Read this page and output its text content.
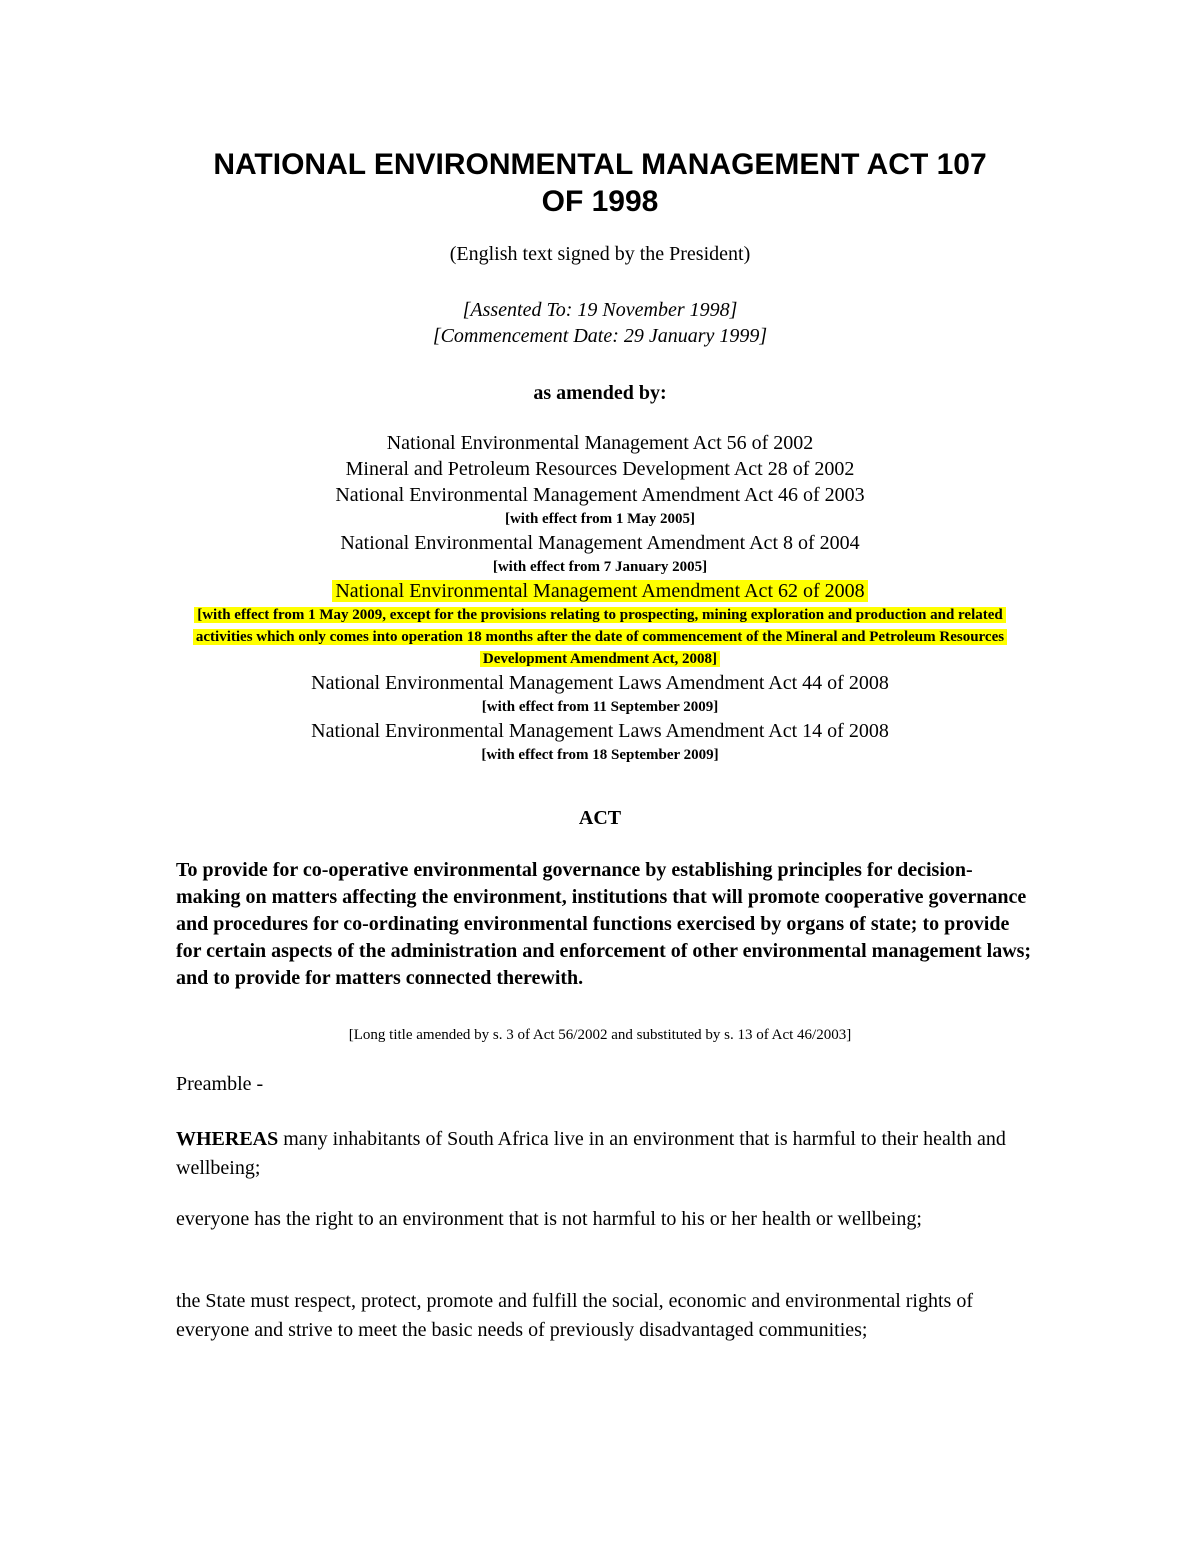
NATIONAL ENVIRONMENTAL MANAGEMENT ACT 107
OF 1998
(English text signed by the President)
[Assented To: 19 November 1998]
[Commencement Date: 29 January 1999]
as amended by:
National Environmental Management Act 56 of 2002
Mineral and Petroleum Resources Development Act 28 of 2002
National Environmental Management Amendment Act 46 of 2003
[with effect from 1 May 2005]
National Environmental Management Amendment Act 8 of 2004
[with effect from 7 January 2005]
National Environmental Management Amendment Act 62 of 2008
[with effect from 1 May 2009, except for the provisions relating to prospecting, mining exploration and production and related activities which only comes into operation 18 months after the date of commencement of the Mineral and Petroleum Resources Development Amendment Act, 2008]
National Environmental Management Laws Amendment Act 44 of 2008
[with effect from 11 September 2009]
National Environmental Management Laws Amendment Act 14 of 2008
[with effect from 18 September 2009]
ACT

To provide for co-operative environmental governance by establishing principles for decision-making on matters affecting the environment, institutions that will promote cooperative governance and procedures for co-ordinating environmental functions exercised by organs of state; to provide for certain aspects of the administration and enforcement of other environmental management laws; and to provide for matters connected therewith.

[Long title amended by s. 3 of Act 56/2002 and substituted by s. 13 of Act 46/2003]
Preamble -

WHEREAS many inhabitants of South Africa live in an environment that is harmful to their health and wellbeing;

everyone has the right to an environment that is not harmful to his or her health or wellbeing;

the State must respect, protect, promote and fulfill the social, economic and environmental rights of everyone and strive to meet the basic needs of previously disadvantaged communities;
